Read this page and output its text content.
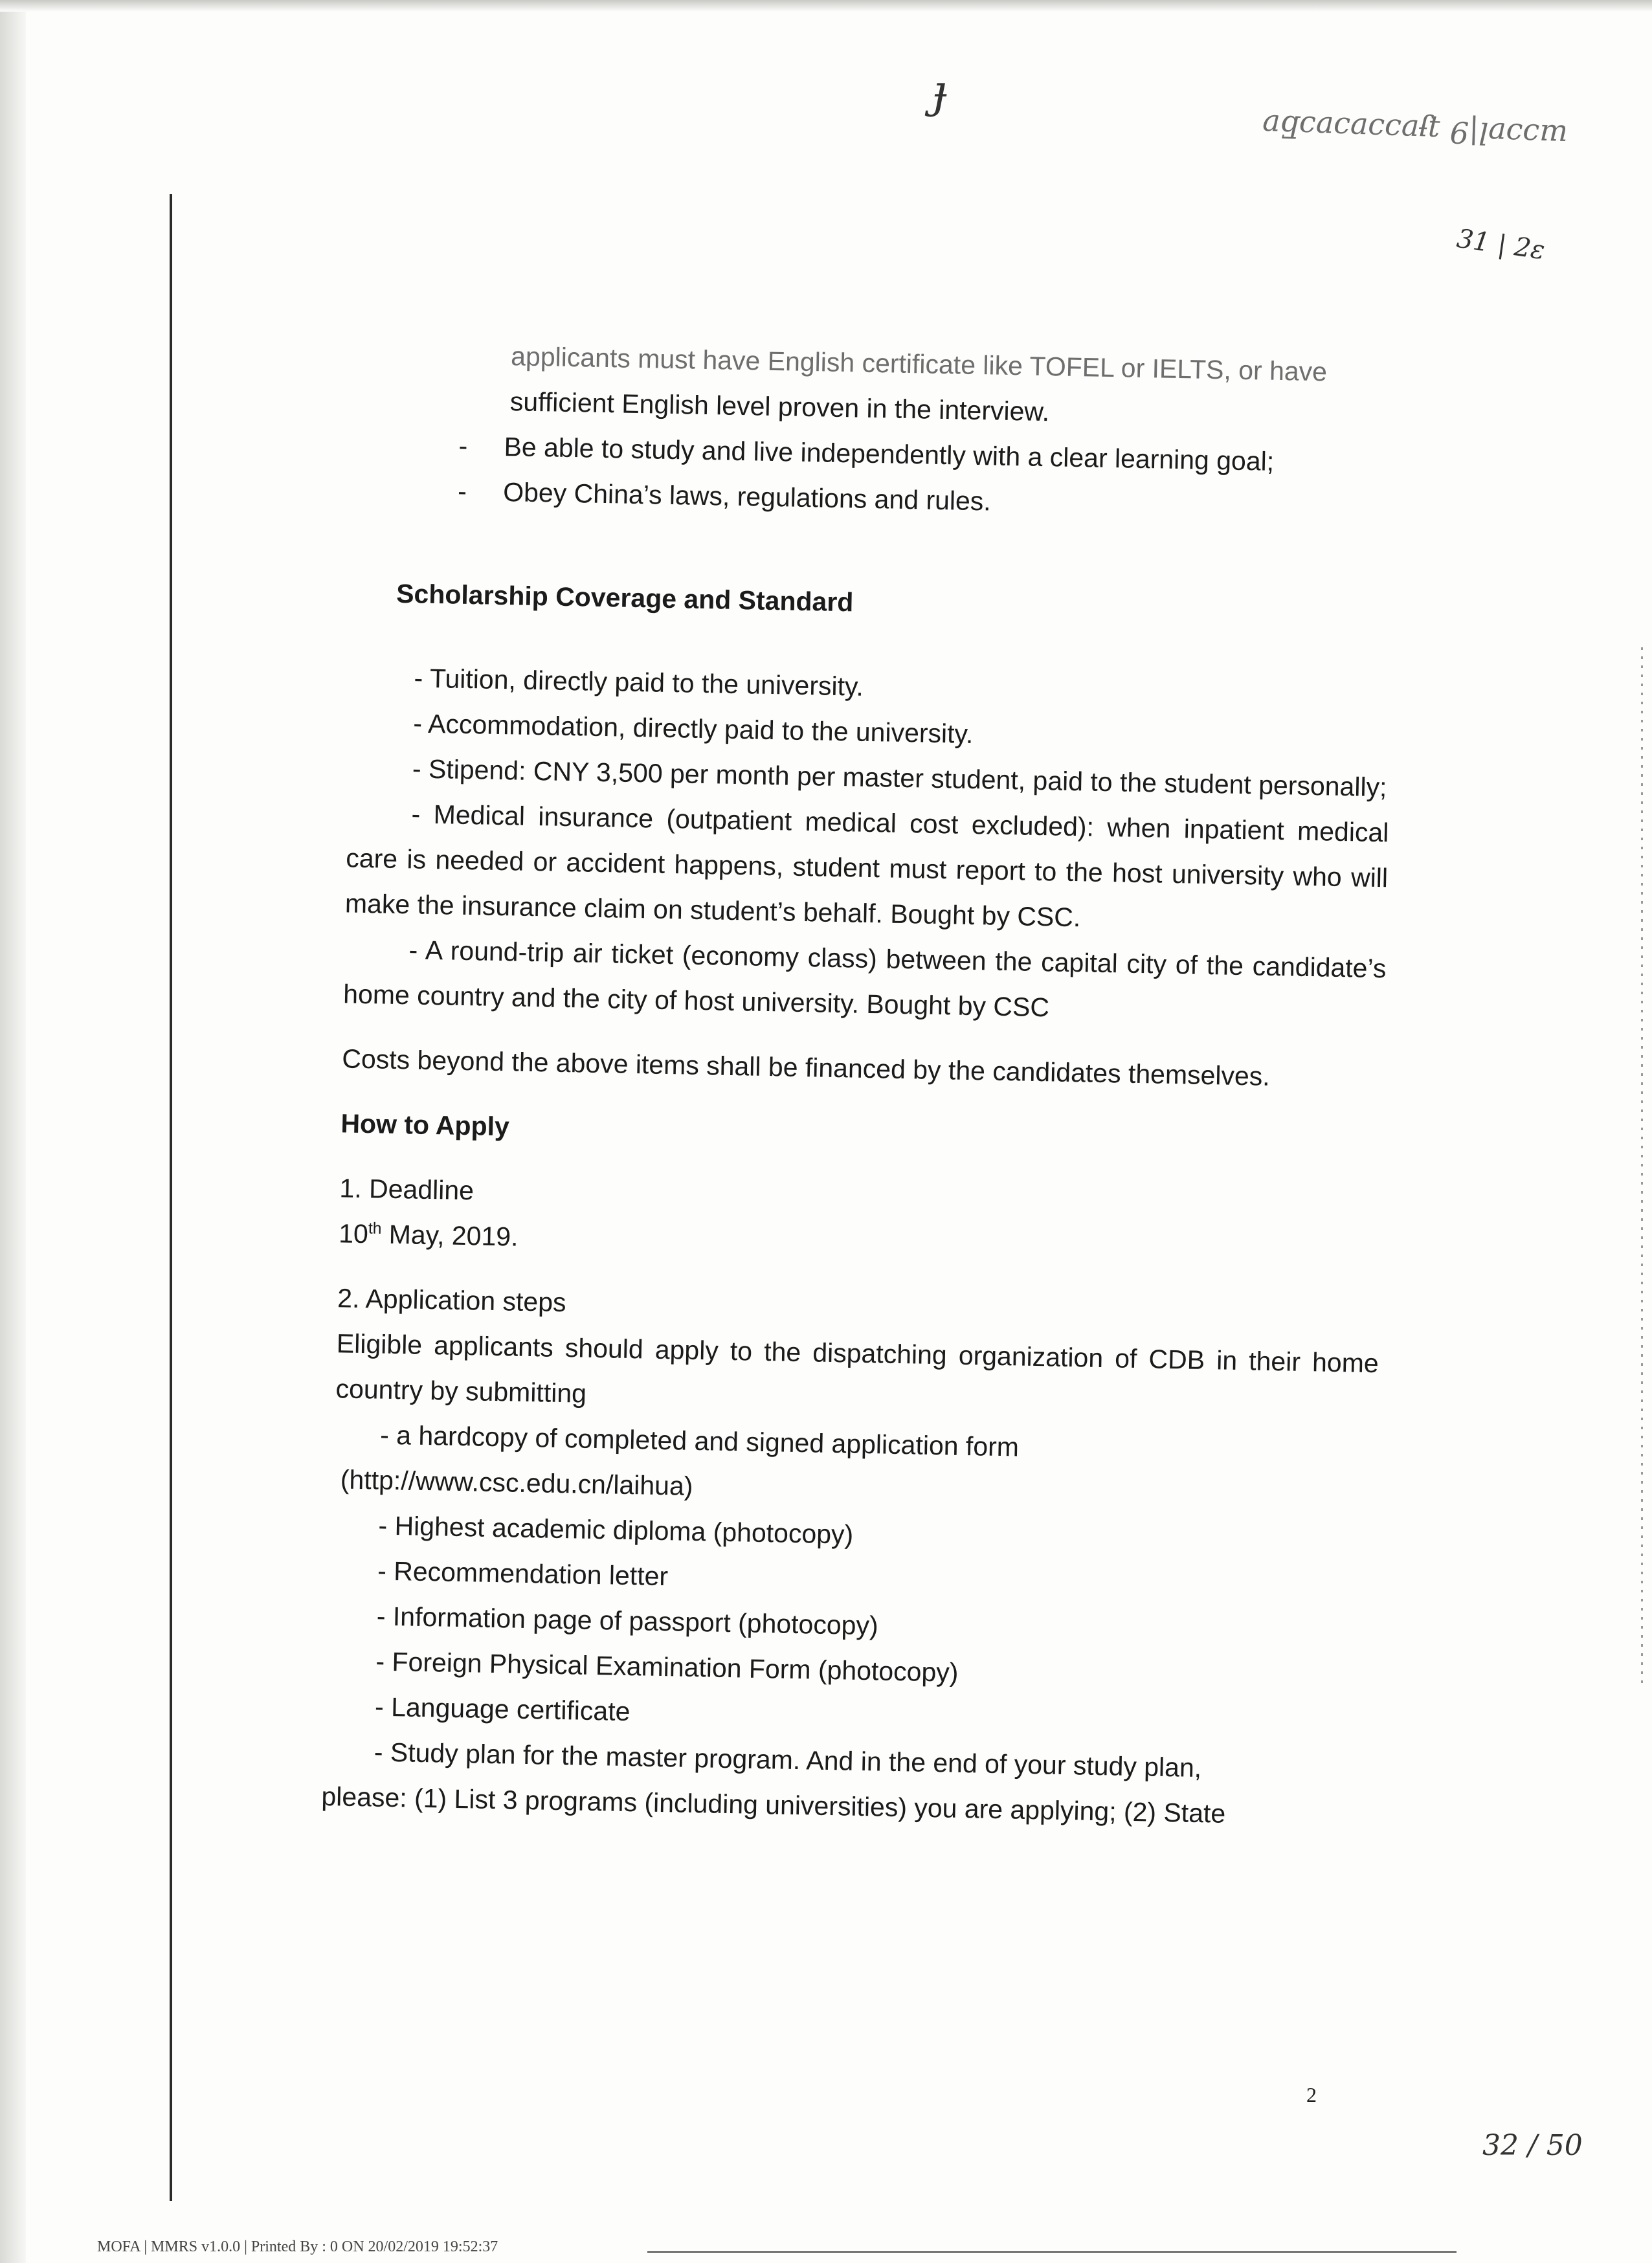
ɟ
ɯɔɔɐl|9 ʇɟɐɔɔɐɔɐɔƃɐ
31 | 2ɛ
32 / 50

applicants must have English certificate like TOFEL or IELTS, or have

sufficient English level proven in the interview.

- Be able to study and live independently with a clear learning goal;

- Obey China’s laws, regulations and rules.

Scholarship Coverage and Standard

- Tuition, directly paid to the university.

- Accommodation, directly paid to the university.

- Stipend: CNY 3,500 per month per master student, paid to the student personally;

- Medical insurance (outpatient medical cost excluded): when inpatient medical care is needed or accident happens, student must report to the host university who will make the insurance claim on student’s behalf. Bought by CSC.

- A round-trip air ticket (economy class) between the capital city of the candidate’s home country and the city of host university. Bought by CSC

Costs beyond the above items shall be financed by the candidates themselves.

How to Apply

1. Deadline

10th May, 2019.

2. Application steps

Eligible applicants should apply to the dispatching organization of CDB in their home country by submitting

- a hardcopy of completed and signed application form

(http://www.csc.edu.cn/laihua)

- Highest academic diploma (photocopy)

- Recommendation letter

- Information page of passport (photocopy)

- Foreign Physical Examination Form (photocopy)

- Language certificate

- Study plan for the master program. And in the end of your study plan,

please: (1) List 3 programs (including universities) you are applying; (2) State

2
MOFA | MMRS v1.0.0 | Printed By : 0 ON 20/02/2019 19:52:37
